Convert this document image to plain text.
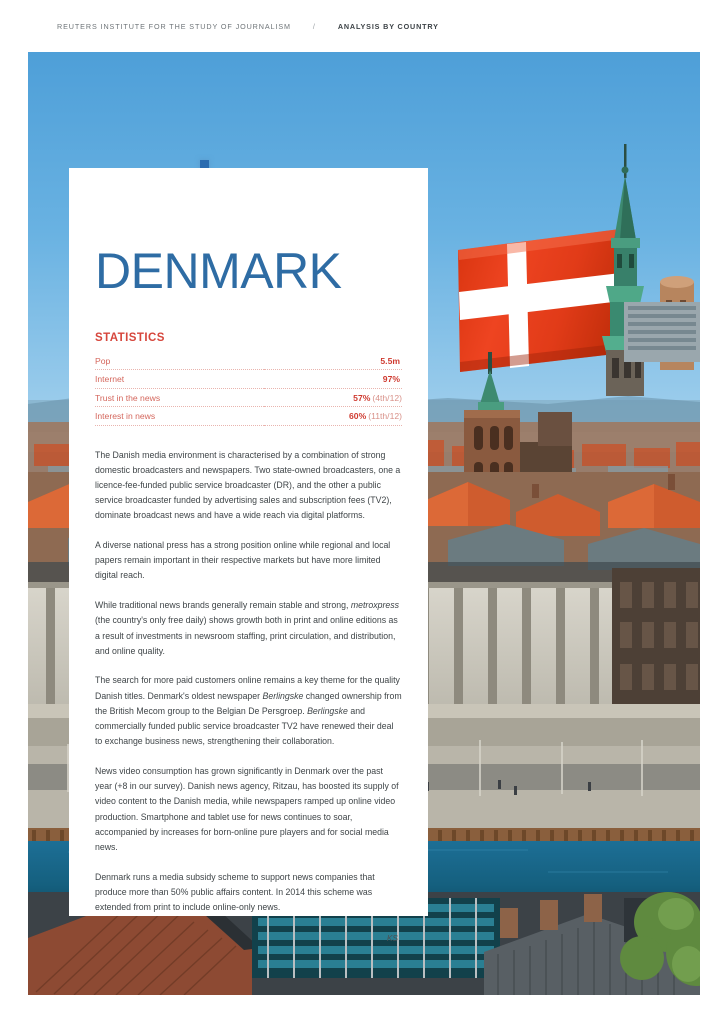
REUTERS INSTITUTE FOR THE STUDY OF JOURNALISM	/	ANALYSIS BY COUNTRY
DENMARK
STATISTICS
Pop	5.5m
Internet	97%
Trust in the news	57% (4th/12)
Interest in news	60% (11th/12)

The Danish media environment is characterised by a combination of strong domestic broadcasters and newspapers. Two state-owned broadcasters, one a licence-fee-funded public service broadcaster (DR), and the other a public service broadcaster funded by advertising sales and subscription fees (TV2), dominate broadcast news and have a wide reach via digital platforms.

A diverse national press has a strong position online while regional and local papers remain important in their respective markets but have more limited digital reach.

While traditional news brands generally remain stable and strong, metroxpress (the country's only free daily) shows growth both in print and online editions as a result of investments in newsroom staffing, print circulation, and distribution, and online quality.

The search for more paid customers online remains a key theme for the quality Danish titles. Denmark's oldest newspaper Berlingske changed ownership from the British Mecom group to the Belgian De Persgroep. Berlingske and commercially funded public service broadcaster TV2 have renewed their deal to exchange business news, strengthening their collaboration.

News video consumption has grown significantly in Denmark over the past year (+8 in our survey). Danish news agency, Ritzau, has boosted its supply of video content to the Danish media, while newspapers ramped up online video production. Smartphone and tablet use for news continues to soar, accompanied by increases for born-online pure players and for social media news.

Denmark runs a media subsidy scheme to support news companies that produce more than 50% public affairs content. In 2014 this scheme was extended from print to include online-only news.

KS
